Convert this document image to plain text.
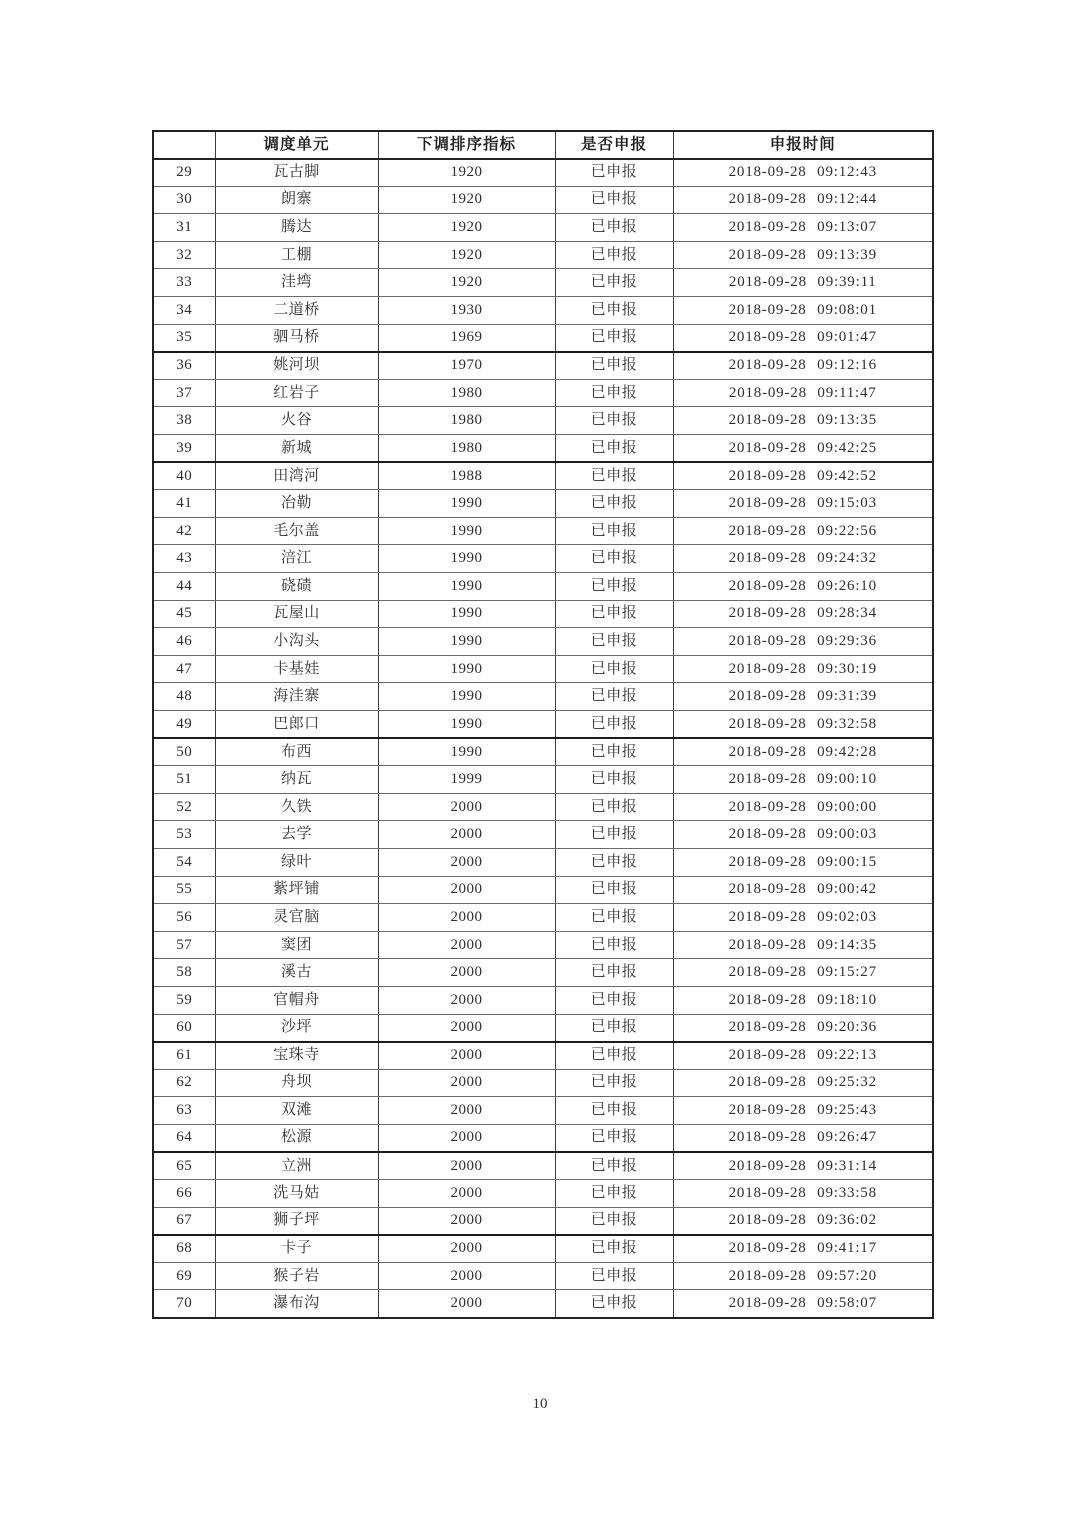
	调度单元	下调排序指标	是否申报	申报时间
29	瓦古脚	1920	已申报	2018-09-28 09:12:43
30	朗寨	1920	已申报	2018-09-28 09:12:44
31	腾达	1920	已申报	2018-09-28 09:13:07
32	工棚	1920	已申报	2018-09-28 09:13:39
33	洼塆	1920	已申报	2018-09-28 09:39:11
34	二道桥	1930	已申报	2018-09-28 09:08:01
35	驷马桥	1969	已申报	2018-09-28 09:01:47
36	姚河坝	1970	已申报	2018-09-28 09:12:16
37	红岩子	1980	已申报	2018-09-28 09:11:47
38	火谷	1980	已申报	2018-09-28 09:13:35
39	新城	1980	已申报	2018-09-28 09:42:25
40	田湾河	1988	已申报	2018-09-28 09:42:52
41	冶勒	1990	已申报	2018-09-28 09:15:03
42	毛尔盖	1990	已申报	2018-09-28 09:22:56
43	涪江	1990	已申报	2018-09-28 09:24:32
44	硗碛	1990	已申报	2018-09-28 09:26:10
45	瓦屋山	1990	已申报	2018-09-28 09:28:34
46	小沟头	1990	已申报	2018-09-28 09:29:36
47	卡基娃	1990	已申报	2018-09-28 09:30:19
48	海洼寨	1990	已申报	2018-09-28 09:31:39
49	巴郎口	1990	已申报	2018-09-28 09:32:58
50	布西	1990	已申报	2018-09-28 09:42:28
51	纳瓦	1999	已申报	2018-09-28 09:00:10
52	久铁	2000	已申报	2018-09-28 09:00:00
53	去学	2000	已申报	2018-09-28 09:00:03
54	绿叶	2000	已申报	2018-09-28 09:00:15
55	紫坪铺	2000	已申报	2018-09-28 09:00:42
56	灵官脑	2000	已申报	2018-09-28 09:02:03
57	窦团	2000	已申报	2018-09-28 09:14:35
58	溪古	2000	已申报	2018-09-28 09:15:27
59	官帽舟	2000	已申报	2018-09-28 09:18:10
60	沙坪	2000	已申报	2018-09-28 09:20:36
61	宝珠寺	2000	已申报	2018-09-28 09:22:13
62	舟坝	2000	已申报	2018-09-28 09:25:32
63	双滩	2000	已申报	2018-09-28 09:25:43
64	松源	2000	已申报	2018-09-28 09:26:47
65	立洲	2000	已申报	2018-09-28 09:31:14
66	洗马姑	2000	已申报	2018-09-28 09:33:58
67	狮子坪	2000	已申报	2018-09-28 09:36:02
68	卡子	2000	已申报	2018-09-28 09:41:17
69	猴子岩	2000	已申报	2018-09-28 09:57:20
70	瀑布沟	2000	已申报	2018-09-28 09:58:07
10
